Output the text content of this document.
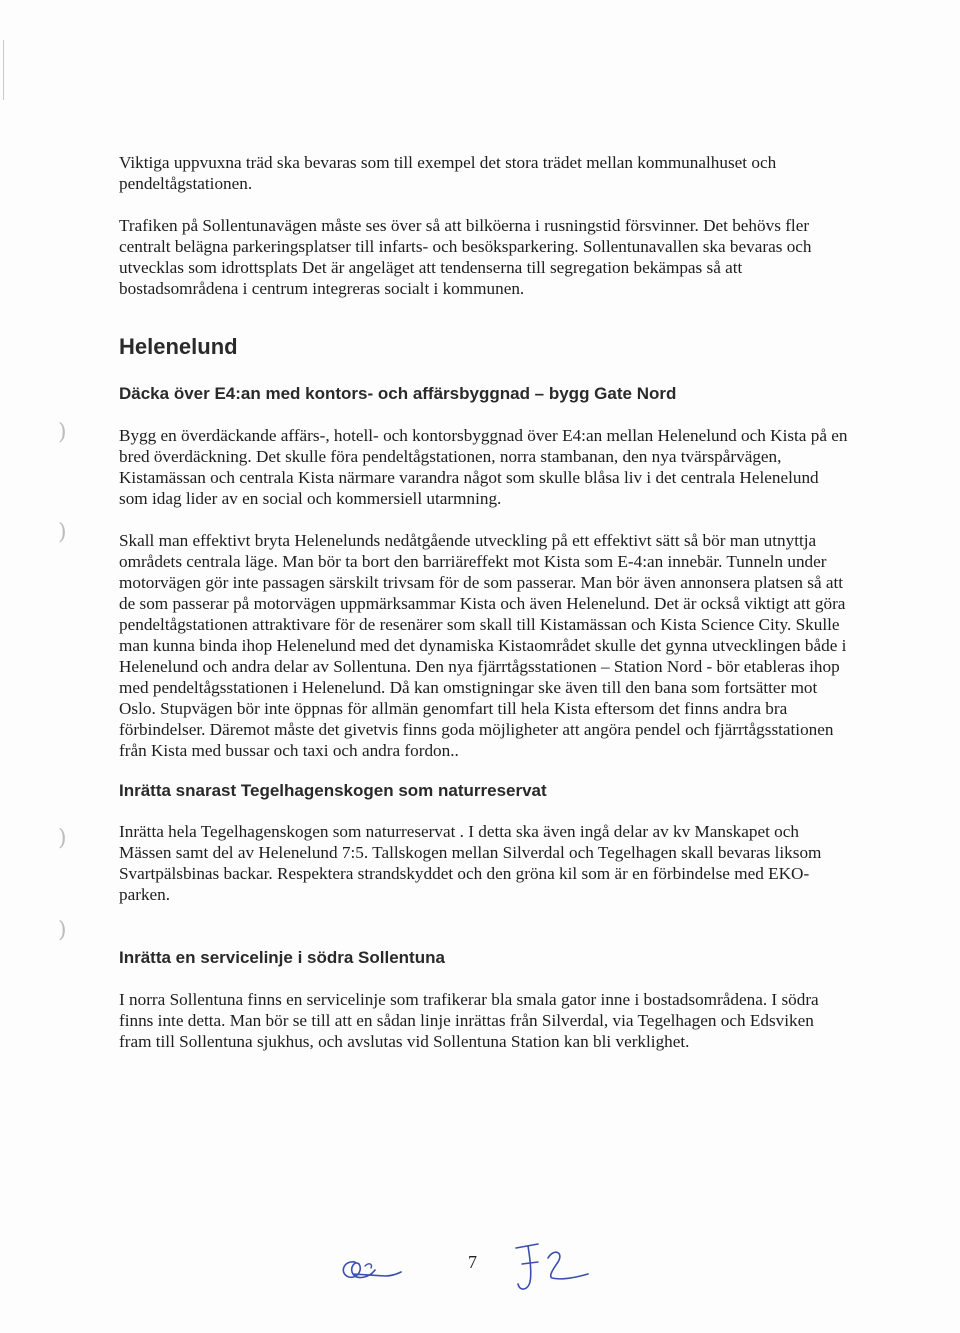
)
)
)
)

Viktiga uppvuxna träd ska bevaras som till exempel det stora trädet mellan kommunalhuset och pendeltågstationen.

Trafiken på Sollentunavägen måste ses över så att bilköerna i rusningstid försvinner. Det behövs fler centralt belägna parkeringsplatser till infarts- och besöksparkering. Sollentunavallen ska bevaras och utvecklas som idrottsplats Det är angeläget att tendenserna till segregation bekämpas så att bostadsområdena i centrum integreras socialt i kommunen.

Helenelund
Däcka över E4:an med kontors- och affärsbyggnad – bygg Gate Nord

Bygg en överdäckande affärs-, hotell- och kontorsbyggnad över E4:an mellan Helenelund och Kista på en bred överdäckning. Det skulle föra pendeltågstationen, norra stambanan, den nya tvärspårvägen, Kistamässan och centrala Kista närmare varandra något som skulle blåsa liv i det centrala Helenelund som idag lider av en social och kommersiell utarmning.

Skall man effektivt bryta Helenelunds nedåtgående utveckling på ett effektivt sätt så bör man utnyttja områdets centrala läge. Man bör ta bort den barriäreffekt mot Kista som E-4:an innebär. Tunneln under motorvägen gör inte passagen särskilt trivsam för de som passerar. Man bör även annonsera platsen så att de som passerar på motorvägen uppmärksammar Kista och även Helenelund. Det är också viktigt att göra pendeltågstationen attraktivare för de resenärer som skall till Kistamässan och Kista Science City. Skulle man kunna binda ihop Helenelund med det dynamiska Kistaområdet skulle det gynna utvecklingen både i Helenelund och andra delar av Sollentuna. Den nya fjärrtågsstationen – Station Nord - bör etableras ihop med pendeltågsstationen i Helenelund. Då kan omstigningar ske även till den bana som fortsätter mot Oslo. Stupvägen bör inte öppnas för allmän genomfart till hela Kista eftersom det finns andra bra förbindelser. Däremot måste det givetvis finns goda möjligheter att angöra pendel och fjärrtågsstationen från Kista med bussar och taxi och andra fordon..

Inrätta snarast Tegelhagenskogen som naturreservat

Inrätta hela Tegelhagenskogen som naturreservat . I detta ska även ingå delar av kv Manskapet och Mässen samt del av Helenelund 7:5. Tallskogen mellan Silverdal och Tegelhagen skall bevaras liksom Svartpälsbinas backar. Respektera strandskyddet och den gröna kil som är en förbindelse med EKO-parken.

Inrätta en servicelinje i södra Sollentuna

I norra Sollentuna finns en servicelinje som trafikerar bla smala gator inne i bostadsområdena. I södra finns inte detta. Man bör se till att en sådan linje inrättas från Silverdal, via Tegelhagen och Edsviken fram till Sollentuna sjukhus, och avslutas vid Sollentuna Station kan bli verklighet.

7
